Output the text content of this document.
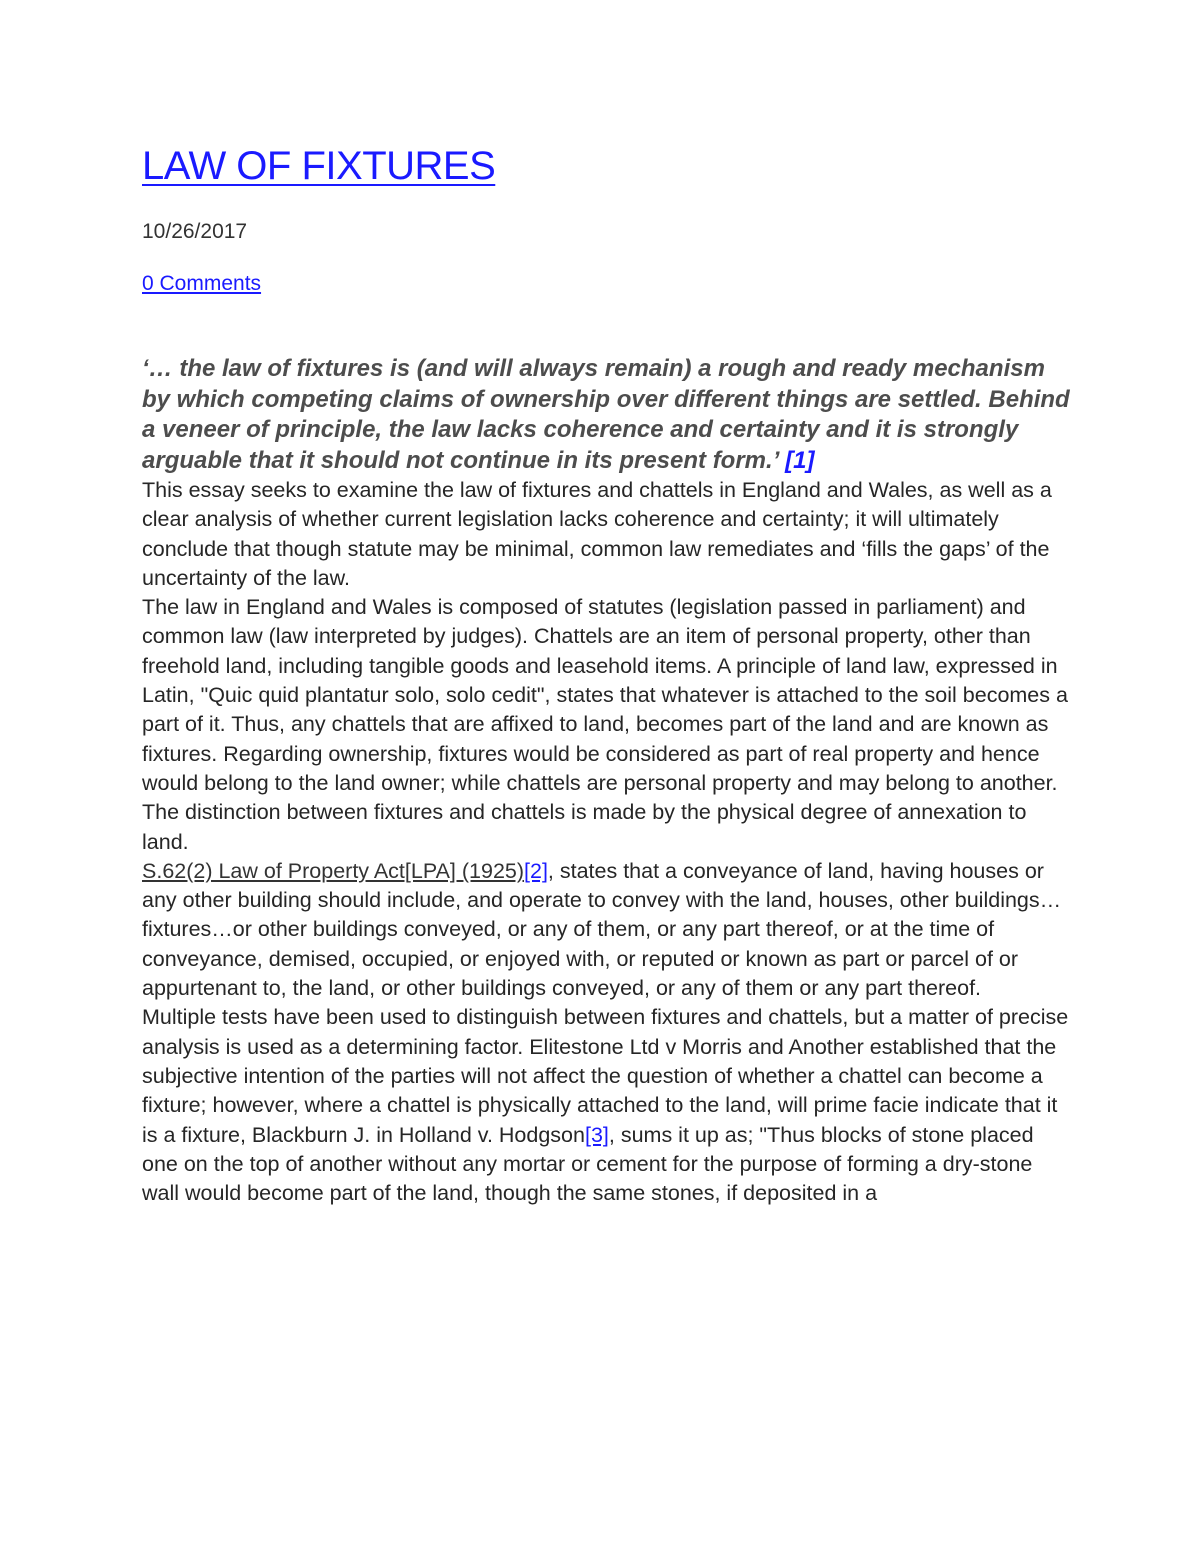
LAW OF FIXTURES
10/26/2017
0 Comments
‘… the law of fixtures is (and will always remain) a rough and ready mechanism by which competing claims of ownership over different things are settled. Behind a veneer of principle, the law lacks coherence and certainty and it is strongly arguable that it should not continue in its present form.’ [1]

This essay seeks to examine the law of fixtures and chattels in England and Wales, as well as a clear analysis of whether current legislation lacks coherence and certainty; it will ultimately conclude that though statute may be minimal, common law remediates and ‘fills the gaps’ of the uncertainty of the law.

The law in England and Wales is composed of statutes (legislation passed in parliament) and common law (law interpreted by judges). Chattels are an item of personal property, other than freehold land, including tangible goods and leasehold items. A principle of land law, expressed in Latin, "Quic quid plantatur solo, solo cedit", states that whatever is attached to the soil becomes a part of it. Thus, any chattels that are affixed to land, becomes part of the land and are known as fixtures. Regarding ownership, fixtures would be considered as part of real property and hence would belong to the land owner; while chattels are personal property and may belong to another. The distinction between fixtures and chattels is made by the physical degree of annexation to land.

S.62(2) Law of Property Act[LPA] (1925)[2], states that a conveyance of land, having houses or any other building should include, and operate to convey with the land, houses, other buildings…fixtures…or other buildings conveyed, or any of them, or any part thereof, or at the time of conveyance, demised, occupied, or enjoyed with, or reputed or known as part or parcel of or appurtenant to, the land, or other buildings conveyed, or any of them or any part thereof.

Multiple tests have been used to distinguish between fixtures and chattels, but a matter of precise analysis is used as a determining factor. Elitestone Ltd v Morris and Another established that the subjective intention of the parties will not affect the question of whether a chattel can become a fixture; however, where a chattel is physically attached to the land, will prime facie indicate that it is a fixture, Blackburn J. in Holland v. Hodgson[3], sums it up as; "Thus blocks of stone placed one on the top of another without any mortar or cement for the purpose of forming a dry-stone wall would become part of the land, though the same stones, if deposited in a
